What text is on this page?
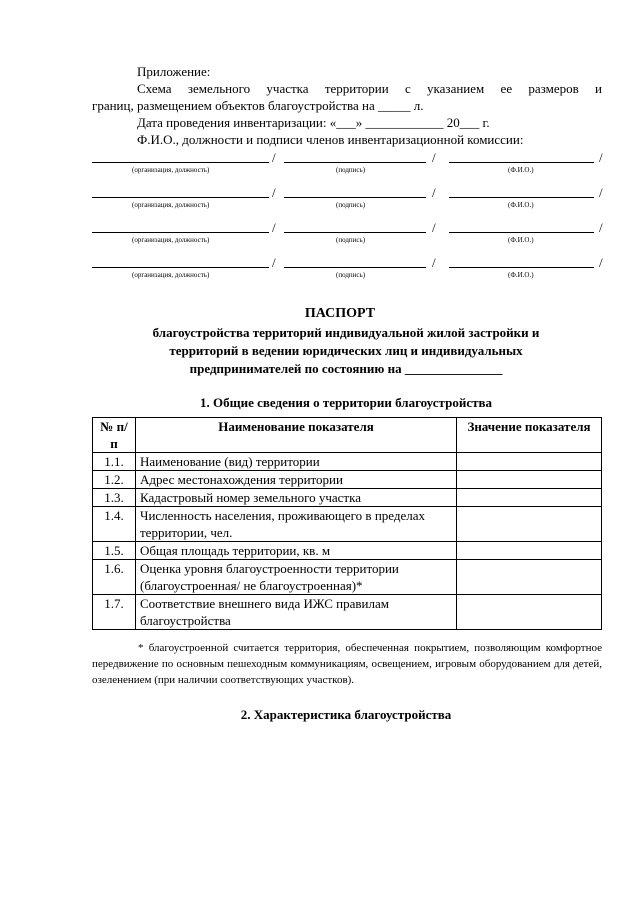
Приложение:
Схема земельного участка территории с указанием ее размеров и
границ, размещением объектов благоустройства на _____ л.
Дата проведения инвентаризации: «___» ____________ 20___ г.
Ф.И.О., должности и подписи членов инвентаризационной комиссии:
/	/	/
(организация, должность)	(подпись)	(Ф.И.О.)
/	/	/
(организация, должность)	(подпись)	(Ф.И.О.)
/	/	/
(организация, должность)	(подпись)	(Ф.И.О.)
/	/	/
(организация, должность)	(подпись)	(Ф.И.О.)
ПАСПОРТ
благоустройства территорий индивидуальной жилой застройки и
территорий в ведении юридических лиц и индивидуальных
предпринимателей по состоянию на _______________
1. Общие сведения о территории благоустройства
№ п/п	Наименование показателя	Значение показателя
1.1.	Наименование (вид) территории	
1.2.	Адрес местонахождения территории	
1.3.	Кадастровый номер земельного участка	
1.4.	Численность населения, проживающего в пределах территории, чел.	
1.5.	Общая площадь территории, кв. м	
1.6.	Оценка уровня благоустроенности территории (благоустроенная/ не благоустроенная)*	
1.7.	Соответствие внешнего вида ИЖС правилам благоустройства	
* благоустроенной считается территория, обеспеченная покрытием, позволяющим комфортное передвижение по основным пешеходным коммуникациям, освещением, игровым оборудованием для детей, озеленением (при наличии соответствующих участков).
2. Характеристика благоустройства
